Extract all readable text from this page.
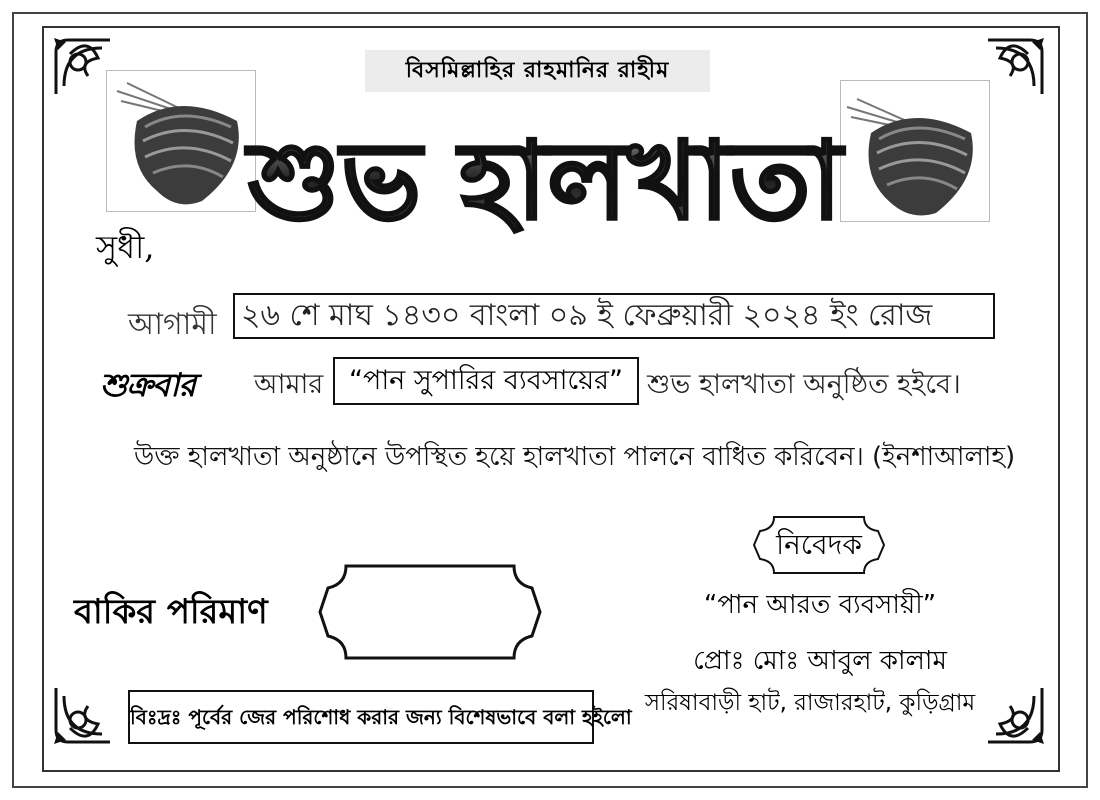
বিসমিল্লাহির রাহমানির রাহীম
শুভ হালখাতা
সুধী,
আগামী ২৬ শে মাঘ ১৪৩০ বাংলা ০৯ ই ফেব্রুয়ারী ২০২৪ ইং রোজ
শুক্রবার আমার “পান সুপারির ব্যবসায়ের” শুভ হালখাতা অনুষ্ঠিত হইবে।
উক্ত হালখাতা অনুষ্ঠানে উপস্থিত হয়ে হালখাতা পালনে বাধিত করিবেন। (ইনশাআলাহ)
নিবেদক
“পান আরত ব্যবসায়ী”
প্রোঃ মোঃ আবুল কালাম
সরিষাবাড়ী হাট, রাজারহাট, কুড়িগ্রাম
বাকির পরিমাণ
বিঃদ্রঃ পূর্বের জের পরিশোধ করার জন্য বিশেষভাবে বলা হইলো
